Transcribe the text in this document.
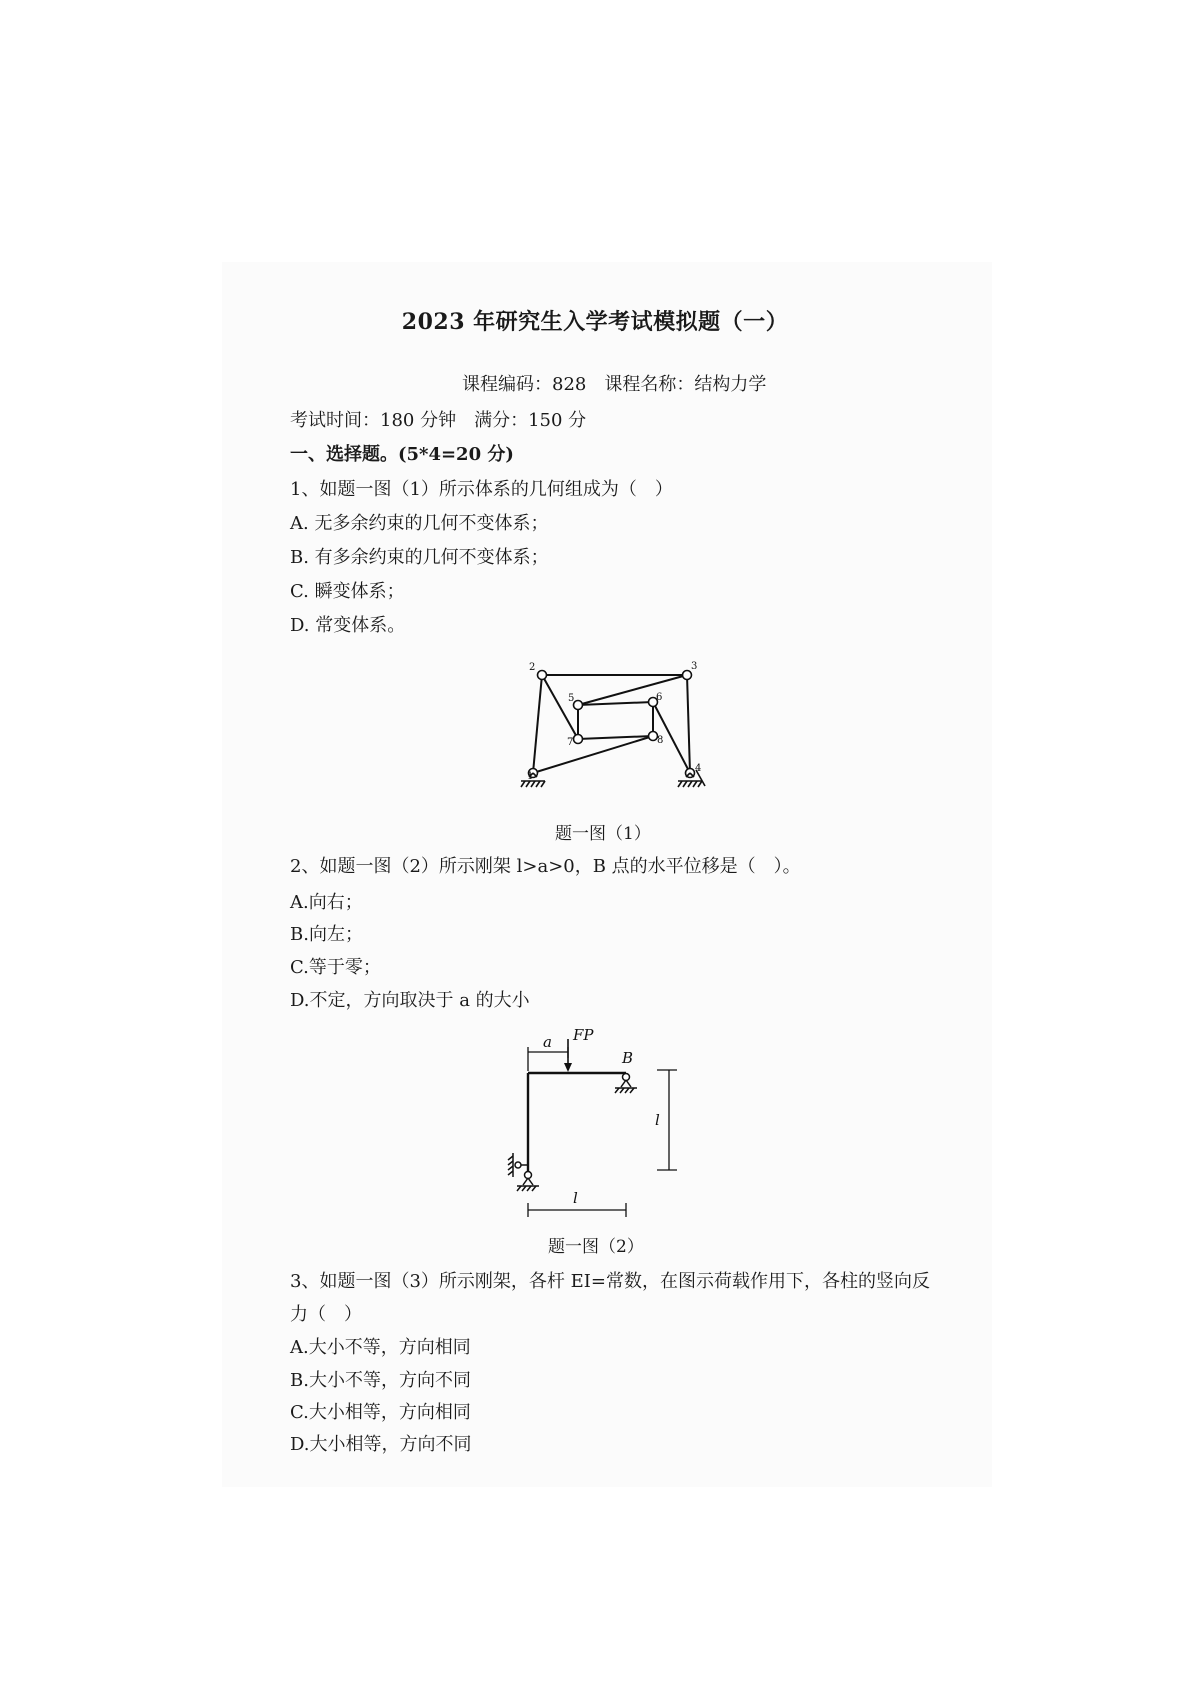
2023 年研究生入学考试模拟题（一）
课程编码：828　课程名称：结构力学
考试时间：180 分钟　满分：150 分
一、选择题。(5*4=20 分)
1、如题一图（1）所示体系的几何组成为（　）
A. 无多余约束的几何不变体系；
B. 有多余约束的几何不变体系；
C. 瞬变体系；
D. 常变体系。
1
2	3
4
5	6
7	8
题一图（1）
2、如题一图（2）所示刚架 l>a>0，B 点的水平位移是（　）。
A.向右；
B.向左；
C.等于零；
D.不定，方向取决于 a 的大小
a FP
B
l
l
题一图（2）
3、如题一图（3）所示刚架，各杆 EI=常数，在图示荷载作用下，各柱的竖向反
力（　）
A.大小不等，方向相同
B.大小不等，方向不同
C.大小相等，方向相同
D.大小相等，方向不同
